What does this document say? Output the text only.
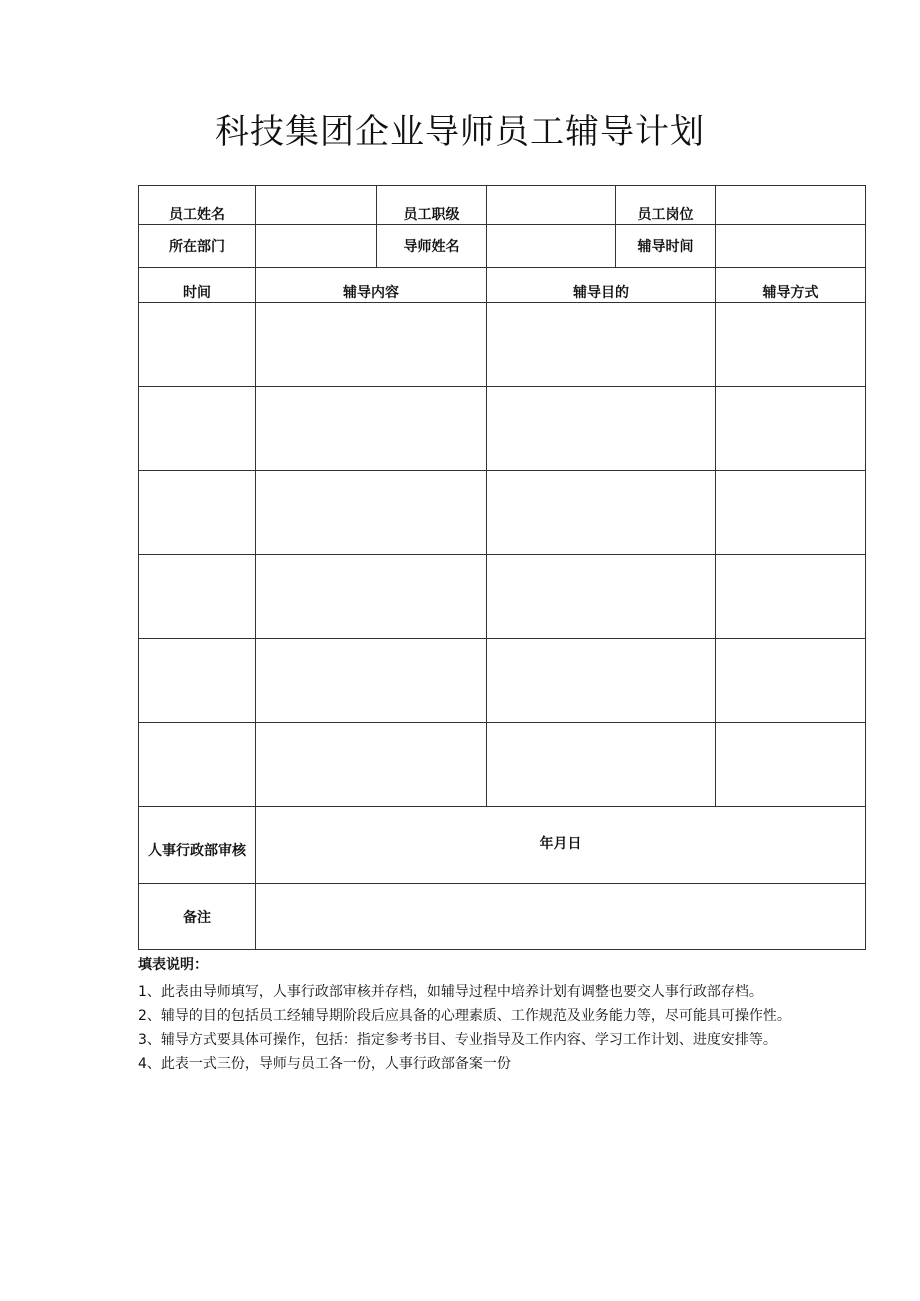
科技集团企业导师员工辅导计划
员工姓名		员工职级		员工岗位	
所在部门		导师姓名		辅导时间	
时间	辅导内容		辅导目的		辅导方式

人事行政部审核	年月日				
备注					
填表说明：
1、此表由导师填写，人事行政部审核并存档，如辅导过程中培养计划有调整也要交人事行政部存档。
2、辅导的目的包括员工经辅导期阶段后应具备的心理素质、工作规范及业务能力等，尽可能具可操作性。
3、辅导方式要具体可操作，包括：指定参考书目、专业指导及工作内容、学习工作计划、进度安排等。
4、此表一式三份，导师与员工各一份，人事行政部备案一份
